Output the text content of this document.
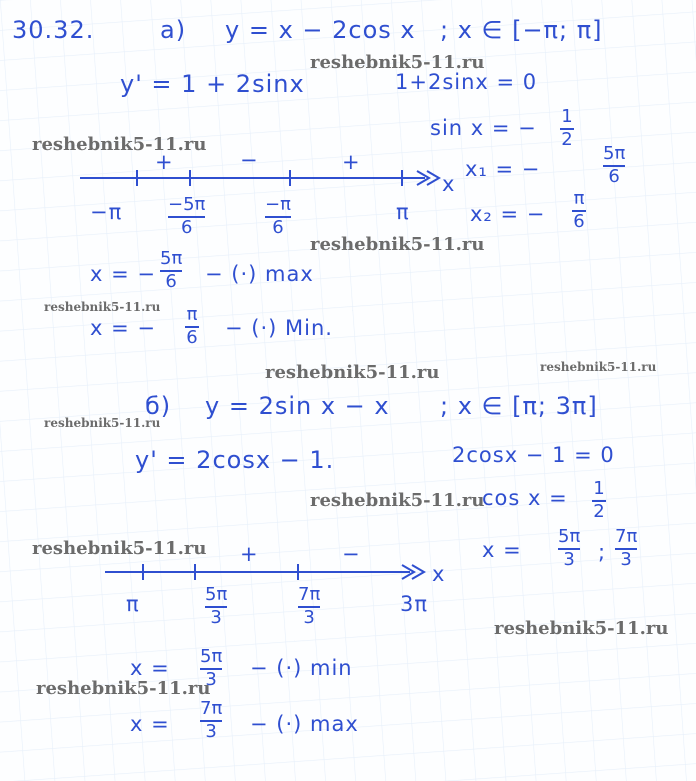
30.32.	а) y = x − 2cos x ; x ∈ [−π; π]
y' = 1 + 2sinx	1+2sinx = 0
sin x = − 1
2
x₁ = −
5π
6
x₂ = −
π
6
x
+	−	+
−π	−5π
6
−π
6
π
x = −
5π
6 − (·) max
x = −
π
6 − (·) Min.
б) y = 2sin x − x ; x ∈ [π; 3π]
y' = 2cosx − 1.	2cosx − 1 = 0
cos x = 1
2
x =
5π
3 ;
7π
3
x
+	−
π	5π
3
7π
3
3π
x = 5π
3 − (·) min
x =
7π
3 − (·) max
reshebnik5-11.ru
reshebnik5-11.ru
reshebnik5-11.ru
reshebnik5-11.ru
reshebnik5-11.ru	reshebnik5-11.ru
reshebnik5-11.ru
reshebnik5-11.ru
reshebnik5-11.ru
reshebnik5-11.ru
reshebnik5-11.ru
